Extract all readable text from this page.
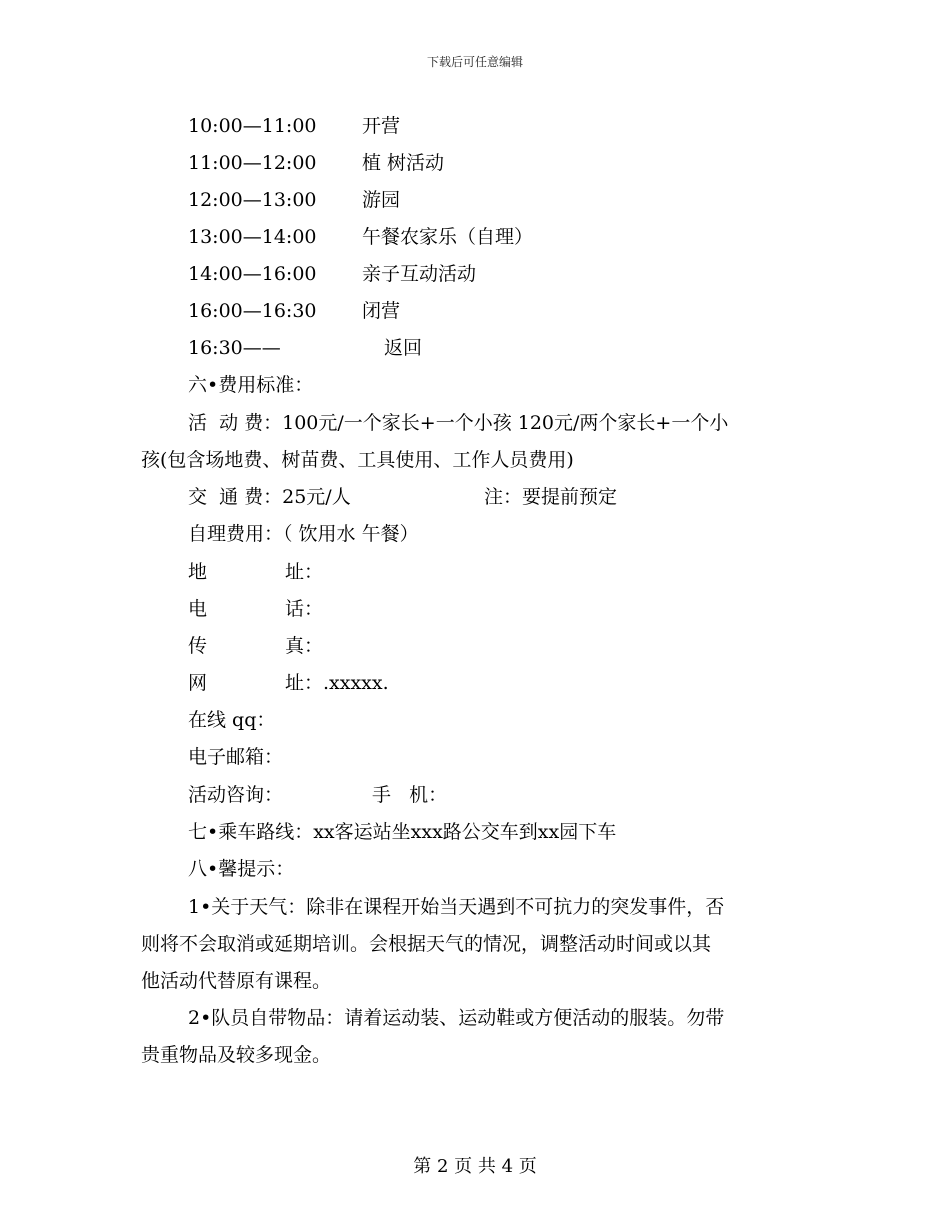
下载后可任意编辑
10:00—11:00 开营
11:00—12:00 植 树活动
12:00—13:00 游园
13:00—14:00 午餐农家乐（自理）
14:00—16:00 亲子互动活动
16:00—16:30 闭营
16:30——	返回
六•费用标准：
活  动 费：100元/一个家长+一个小孩 120元/两个家长+一个小
孩(包含场地费、树苗费、工具使用、工作人员费用)
交  通 费：25元/人	注：要提前预定
自理费用：（ 饮用水 午餐）
地	址：
电	话：
传	真：
网	址：.xxxxx.
在线 qq：
电子邮箱：
活动咨询：	手   机：
七•乘车路线：xx客运站坐xxx路公交车到xx园下车
八•馨提示：
1•关于天气：除非在课程开始当天遇到不可抗力的突发事件，否
则将不会取消或延期培训。会根据天气的情况，调整活动时间或以其
他活动代替原有课程。
2•队员自带物品：请着运动装、运动鞋或方便活动的服装。勿带
贵重物品及较多现金。
第 2 页 共 4 页
